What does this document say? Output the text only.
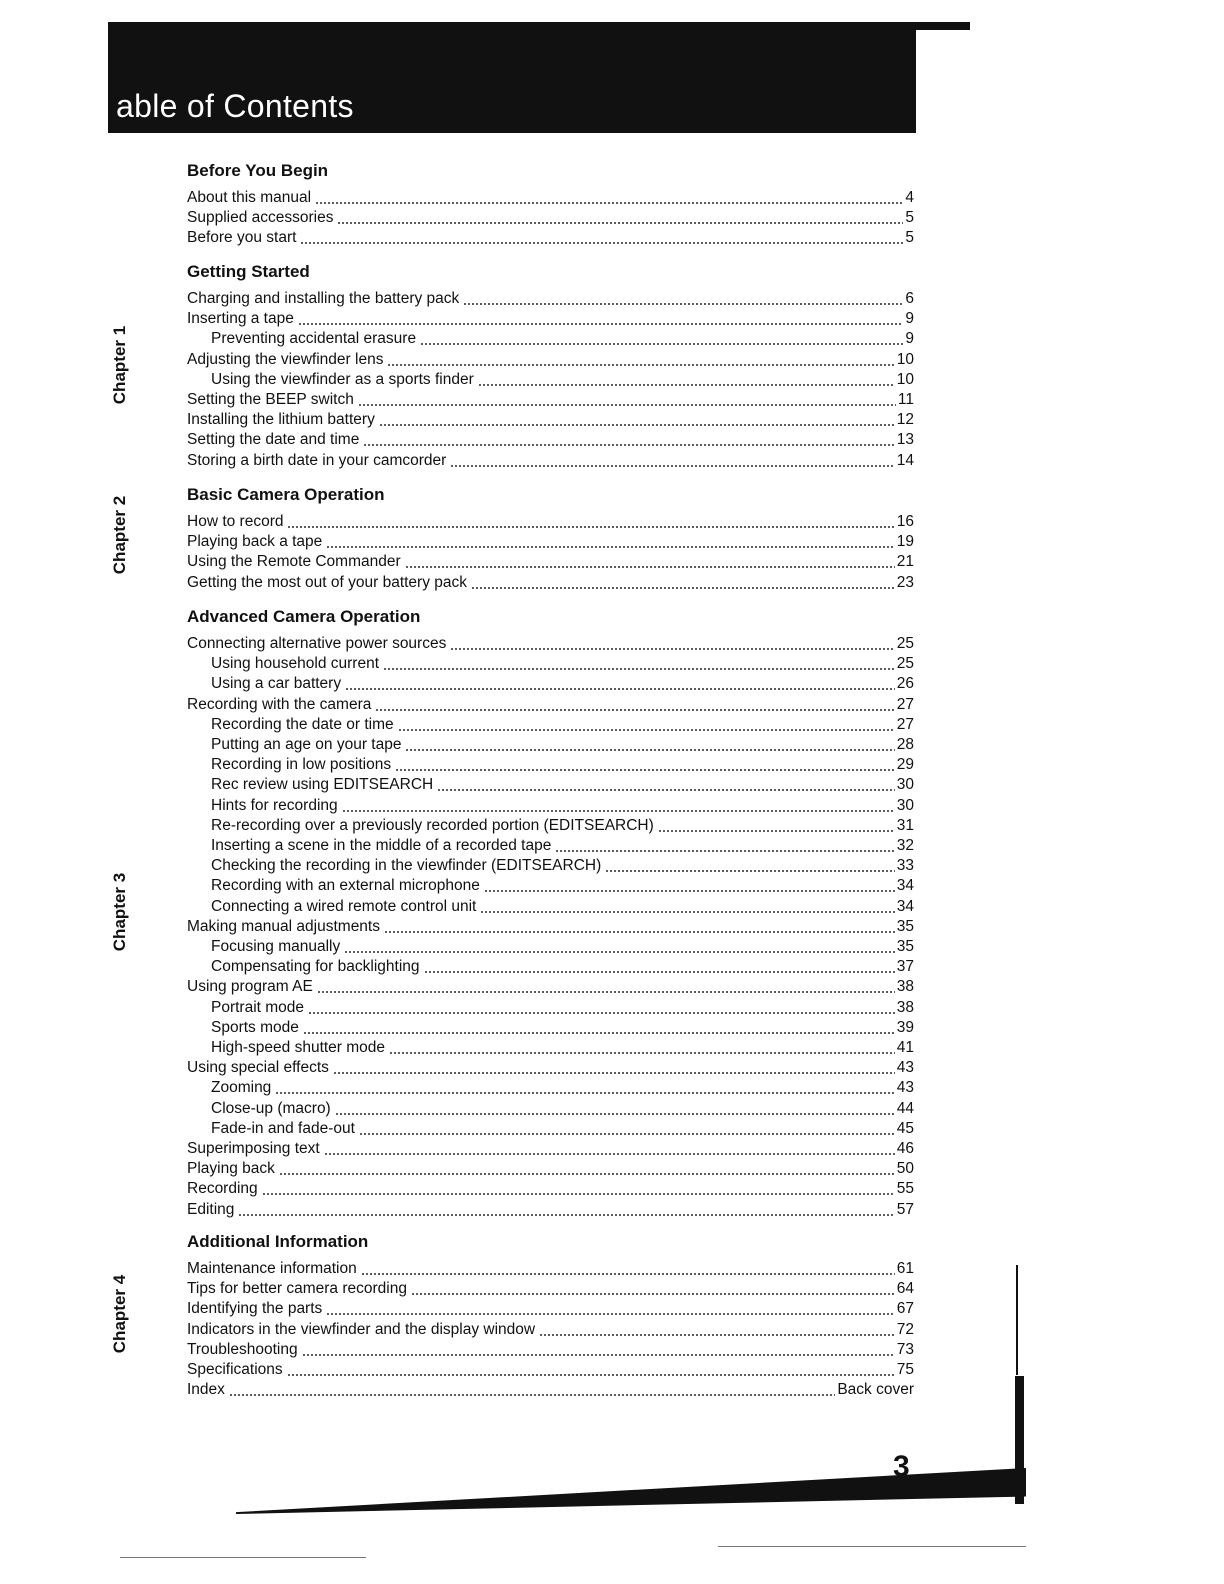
able of Contents
Chapter 1
Chapter 2
Chapter 3
Chapter 4
Before You Begin
About this manual	4
Supplied accessories	5
Before you start	5
Getting Started
Charging and installing the battery pack	6
Inserting a tape	9
Preventing accidental erasure	9
Adjusting the viewfinder lens	10
Using the viewfinder as a sports finder	10
Setting the BEEP switch	11
Installing the lithium battery	12
Setting the date and time	13
Storing a birth date in your camcorder	14
Basic Camera Operation
How to record	16
Playing back a tape	19
Using the Remote Commander	21
Getting the most out of your battery pack	23
Advanced Camera Operation
Connecting alternative power sources	25
Using household current	25
Using a car battery	26
Recording with the camera	27
Recording the date or time	27
Putting an age on your tape	28
Recording in low positions	29
Rec review using EDITSEARCH	30
Hints for recording	30
Re-recording over a previously recorded portion (EDITSEARCH)	31
Inserting a scene in the middle of a recorded tape	32
Checking the recording in the viewfinder (EDITSEARCH)	33
Recording with an external microphone	34
Connecting a wired remote control unit	34
Making manual adjustments	35
Focusing manually	35
Compensating for backlighting	37
Using program AE	38
Portrait mode	38
Sports mode	39
High-speed shutter mode	41
Using special effects	43
Zooming	43
Close-up (macro)	44
Fade-in and fade-out	45
Superimposing text	46
Playing back	50
Recording	55
Editing	57
Additional Information
Maintenance information	61
Tips for better camera recording	64
Identifying the parts	67
Indicators in the viewfinder and the display window	72
Troubleshooting	73
Specifications	75
Index	Back cover
3
